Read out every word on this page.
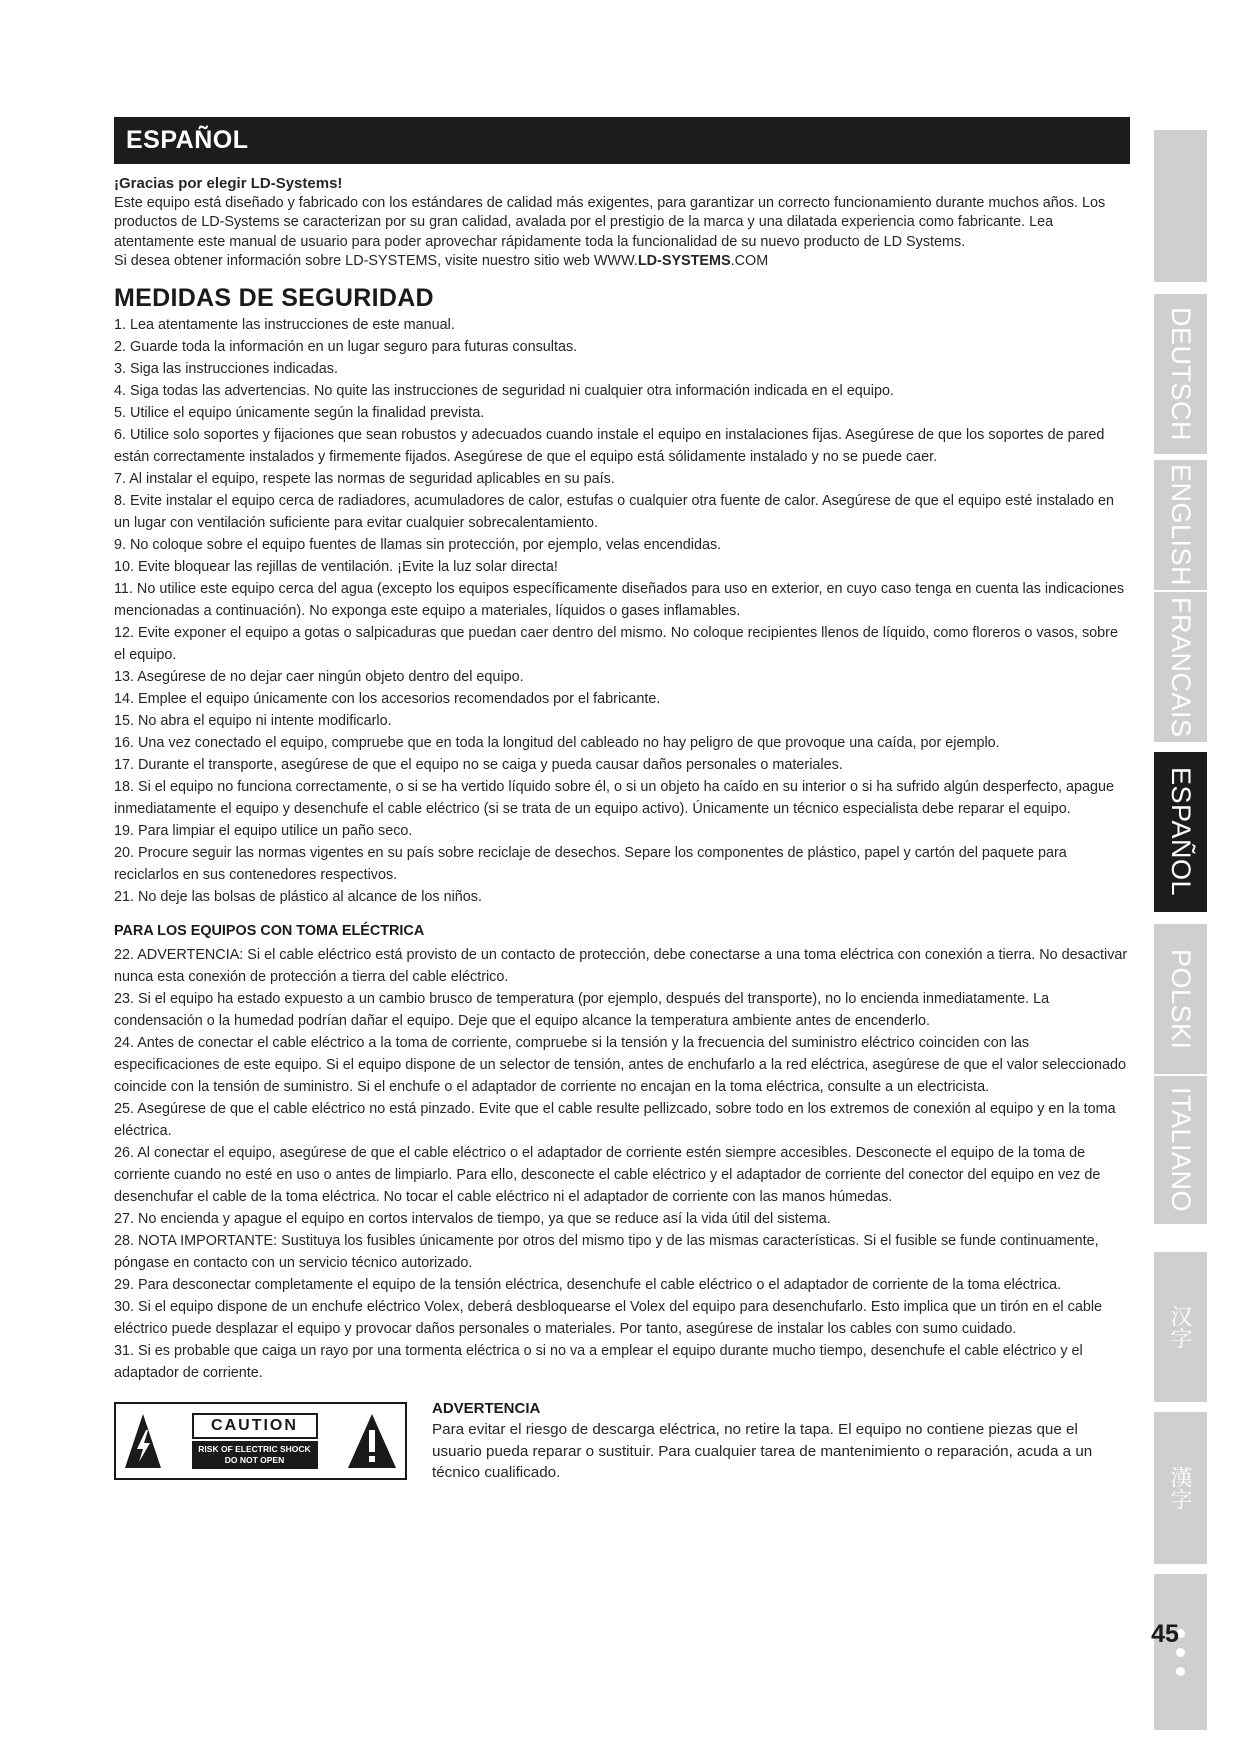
ESPAÑOL

¡Gracias por elegir LD-Systems!

Este equipo está diseñado y fabricado con los estándares de calidad más exigentes, para garantizar un correcto funcionamiento durante muchos años. Los productos de LD-Systems se caracterizan por su gran calidad, avalada por el prestigio de la marca y una dilatada experiencia como fabricante. Lea atentamente este manual de usuario para poder aprovechar rápidamente toda la funcionalidad de su nuevo producto de LD Systems.

Si desea obtener información sobre LD-SYSTEMS, visite nuestro sitio web WWW.LD-SYSTEMS.COM

MEDIDAS DE SEGURIDAD

1. Lea atentamente las instrucciones de este manual.

2. Guarde toda la información en un lugar seguro para futuras consultas.

3. Siga las instrucciones indicadas.

4. Siga todas las advertencias. No quite las instrucciones de seguridad ni cualquier otra información indicada en el equipo.

5. Utilice el equipo únicamente según la finalidad prevista.

6. Utilice solo soportes y fijaciones que sean robustos y adecuados cuando instale el equipo en instalaciones fijas. Asegúrese de que los soportes de pared están correctamente instalados y firmemente fijados. Asegúrese de que el equipo está sólidamente instalado y no se puede caer.

7. Al instalar el equipo, respete las normas de seguridad aplicables en su país.

8. Evite instalar el equipo cerca de radiadores, acumuladores de calor, estufas o cualquier otra fuente de calor. Asegúrese de que el equipo esté instalado en un lugar con ventilación suficiente para evitar cualquier sobrecalentamiento.

9. No coloque sobre el equipo fuentes de llamas sin protección, por ejemplo, velas encendidas.

10. Evite bloquear las rejillas de ventilación. ¡Evite la luz solar directa!

11. No utilice este equipo cerca del agua (excepto los equipos específicamente diseñados para uso en exterior, en cuyo caso tenga en cuenta las indicaciones mencionadas a continuación). No exponga este equipo a materiales, líquidos o gases inflamables.

12. Evite exponer el equipo a gotas o salpicaduras que puedan caer dentro del mismo. No coloque recipientes llenos de líquido, como floreros o vasos, sobre el equipo.

13. Asegúrese de no dejar caer ningún objeto dentro del equipo.

14. Emplee el equipo únicamente con los accesorios recomendados por el fabricante.

15. No abra el equipo ni intente modificarlo.

16. Una vez conectado el equipo, compruebe que en toda la longitud del cableado no hay peligro de que provoque una caída, por ejemplo.

17. Durante el transporte, asegúrese de que el equipo no se caiga y pueda causar daños personales o materiales.

18. Si el equipo no funciona correctamente, o si se ha vertido líquido sobre él, o si un objeto ha caído en su interior o si ha sufrido algún desperfecto, apague inmediatamente el equipo y desenchufe el cable eléctrico (si se trata de un equipo activo). Únicamente un técnico especialista debe reparar el equipo.

19. Para limpiar el equipo utilice un paño seco.

20. Procure seguir las normas vigentes en su país sobre reciclaje de desechos. Separe los componentes de plástico, papel y cartón del paquete para reciclarlos en sus contenedores respectivos.

21. No deje las bolsas de plástico al alcance de los niños.

PARA LOS EQUIPOS CON TOMA ELÉCTRICA

22. ADVERTENCIA: Si el cable eléctrico está provisto de un contacto de protección, debe conectarse a una toma eléctrica con conexión a tierra. No desactivar nunca esta conexión de protección a tierra del cable eléctrico.

23. Si el equipo ha estado expuesto a un cambio brusco de temperatura (por ejemplo, después del transporte), no lo encienda inmediatamente. La condensación o la humedad podrían dañar el equipo. Deje que el equipo alcance la temperatura ambiente antes de encenderlo.

24. Antes de conectar el cable eléctrico a la toma de corriente, compruebe si la tensión y la frecuencia del suministro eléctrico coinciden con las especificaciones de este equipo. Si el equipo dispone de un selector de tensión, antes de enchufarlo a la red eléctrica, asegúrese de que el valor seleccionado coincide con la tensión de suministro. Si el enchufe o el adaptador de corriente no encajan en la toma eléctrica, consulte a un electricista.

25. Asegúrese de que el cable eléctrico no está pinzado. Evite que el cable resulte pellizcado, sobre todo en los extremos de conexión al equipo y en la toma eléctrica.

26. Al conectar el equipo, asegúrese de que el cable eléctrico o el adaptador de corriente estén siempre accesibles. Desconecte el equipo de la toma de corriente cuando no esté en uso o antes de limpiarlo. Para ello, desconecte el cable eléctrico y el adaptador de corriente del conector del equipo en vez de desenchufar el cable de la toma eléctrica. No tocar el cable eléctrico ni el adaptador de corriente con las manos húmedas.

27. No encienda y apague el equipo en cortos intervalos de tiempo, ya que se reduce así la vida útil del sistema.

28. NOTA IMPORTANTE: Sustituya los fusibles únicamente por otros del mismo tipo y de las mismas características. Si el fusible se funde continuamente, póngase en contacto con un servicio técnico autorizado.

29. Para desconectar completamente el equipo de la tensión eléctrica, desenchufe el cable eléctrico o el adaptador de corriente de la toma eléctrica.

30. Si el equipo dispone de un enchufe eléctrico Volex, deberá desbloquearse el Volex del equipo para desenchufarlo. Esto implica que un tirón en el cable eléctrico puede desplazar el equipo y provocar daños personales o materiales. Por tanto, asegúrese de instalar los cables con sumo cuidado.

31. Si es probable que caiga un rayo por una tormenta eléctrica o si no va a emplear el equipo durante mucho tiempo, desenchufe el cable eléctrico y el adaptador de corriente.

CAUTION
RISK OF ELECTRIC SHOCK
DO NOT OPEN
ADVERTENCIA
Para evitar el riesgo de descarga eléctrica, no retire la tapa. El equipo no contiene piezas que el usuario pueda reparar o sustituir. Para cualquier tarea de mantenimiento o reparación, acuda a un técnico cualificado.
DEUTSCH
ENGLISH
FRANCAIS
ESPAÑOL
POLSKI
ITALIANO
汉字
漢字
45
